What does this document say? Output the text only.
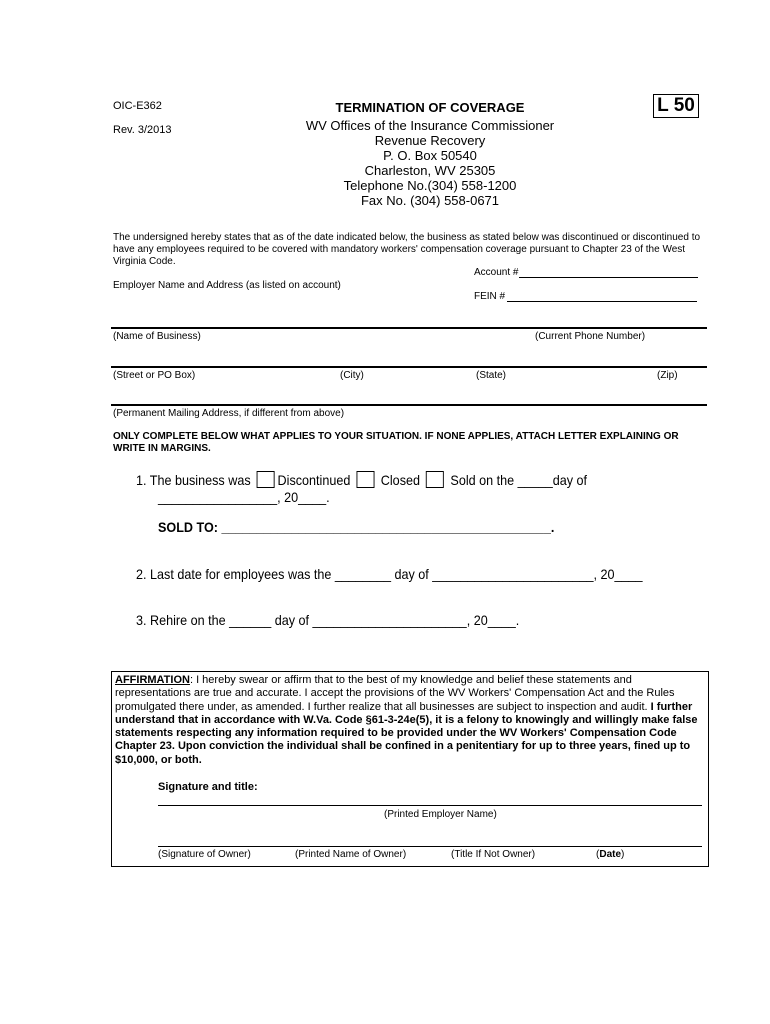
OIC-E362
Rev. 3/2013
TERMINATION OF COVERAGE
WV Offices of the Insurance Commissioner
Revenue Recovery
P. O. Box 50540
Charleston, WV 25305
Telephone No.(304) 558-1200
Fax No. (304) 558-0671
L 50
The undersigned hereby states that as of the date indicated below, the business as stated below was discontinued or discontinued to have any employees required to be covered with mandatory workers' compensation coverage pursuant to Chapter 23 of the West Virginia Code.
Account #
Employer Name and Address (as listed on account)
FEIN #
(Name of Business)	(Current Phone Number)
(Street or PO Box)	(City)	(State)	(Zip)
(Permanent Mailing Address, if different from above)
ONLY COMPLETE BELOW WHAT APPLIES TO YOUR SITUATION. IF NONE APPLIES, ATTACH LETTER EXPLAINING OR WRITE IN MARGINS.
1. The business was Discontinued Closed Sold on the _____day of
_________________, 20____.
SOLD TO: _______________________________________________.
2. Last date for employees was the ________ day of _______________________, 20____
3. Rehire on the ______ day of ______________________, 20____.
AFFIRMATION: I hereby swear or affirm that to the best of my knowledge and belief these statements and representations are true and accurate. I accept the provisions of the WV Workers' Compensation Act and the Rules promulgated there under, as amended. I further realize that all businesses are subject to inspection and audit. I further understand that in accordance with W.Va. Code §61-3-24e(5), it is a felony to knowingly and willingly make false statements respecting any information required to be provided under the WV Workers' Compensation Code Chapter 23. Upon conviction the individual shall be confined in a penitentiary for up to three years, fined up to $10,000, or both.
Signature and title:
(Printed Employer Name)
(Signature of Owner)	(Printed Name of Owner)	(Title If Not Owner)	(Date)
